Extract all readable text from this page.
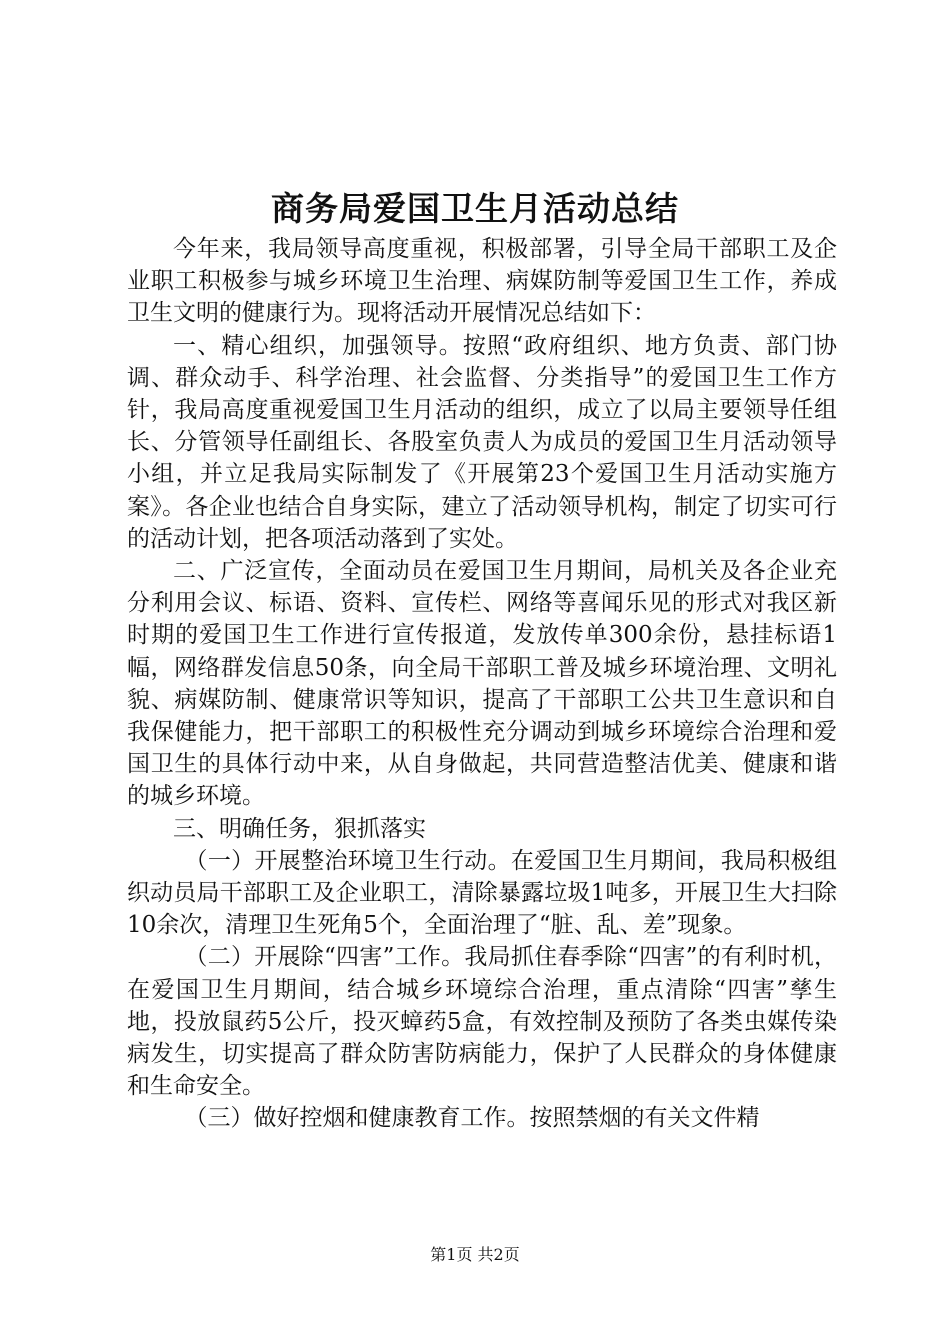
商务局爱国卫生月活动总结

今年来，我局领导高度重视，积极部署，引导全局干部职工及企业职工积极参与城乡环境卫生治理、病媒防制等爱国卫生工作，养成卫生文明的健康行为。现将活动开展情况总结如下：

一、精心组织，加强领导。按照“政府组织、地方负责、部门协调、群众动手、科学治理、社会监督、分类指导”的爱国卫生工作方针，我局高度重视爱国卫生月活动的组织，成立了以局主要领导任组长、分管领导任副组长、各股室负责人为成员的爱国卫生月活动领导小组，并立足我局实际制发了《开展第23个爱国卫生月活动实施方案》。各企业也结合自身实际，建立了活动领导机构，制定了切实可行的活动计划，把各项活动落到了实处。

二、广泛宣传，全面动员在爱国卫生月期间，局机关及各企业充分利用会议、标语、资料、宣传栏、网络等喜闻乐见的形式对我区新时期的爱国卫生工作进行宣传报道，发放传单300余份，悬挂标语1幅，网络群发信息50条，向全局干部职工普及城乡环境治理、文明礼貌、病媒防制、健康常识等知识，提高了干部职工公共卫生意识和自我保健能力，把干部职工的积极性充分调动到城乡环境综合治理和爱国卫生的具体行动中来，从自身做起，共同营造整洁优美、健康和谐的城乡环境。

三、明确任务，狠抓落实

（一）开展整治环境卫生行动。在爱国卫生月期间，我局积极组织动员局干部职工及企业职工，清除暴露垃圾1吨多，开展卫生大扫除10余次，清理卫生死角5个，全面治理了“脏、乱、差”现象。

（二）开展除“四害”工作。我局抓住春季除“四害”的有利时机，在爱国卫生月期间，结合城乡环境综合治理，重点清除“四害”孳生地，投放鼠药5公斤，投灭蟑药5盒，有效控制及预防了各类虫媒传染病发生，切实提高了群众防害防病能力，保护了人民群众的身体健康和生命安全。

（三）做好控烟和健康教育工作。按照禁烟的有关文件精

第1页 共2页
